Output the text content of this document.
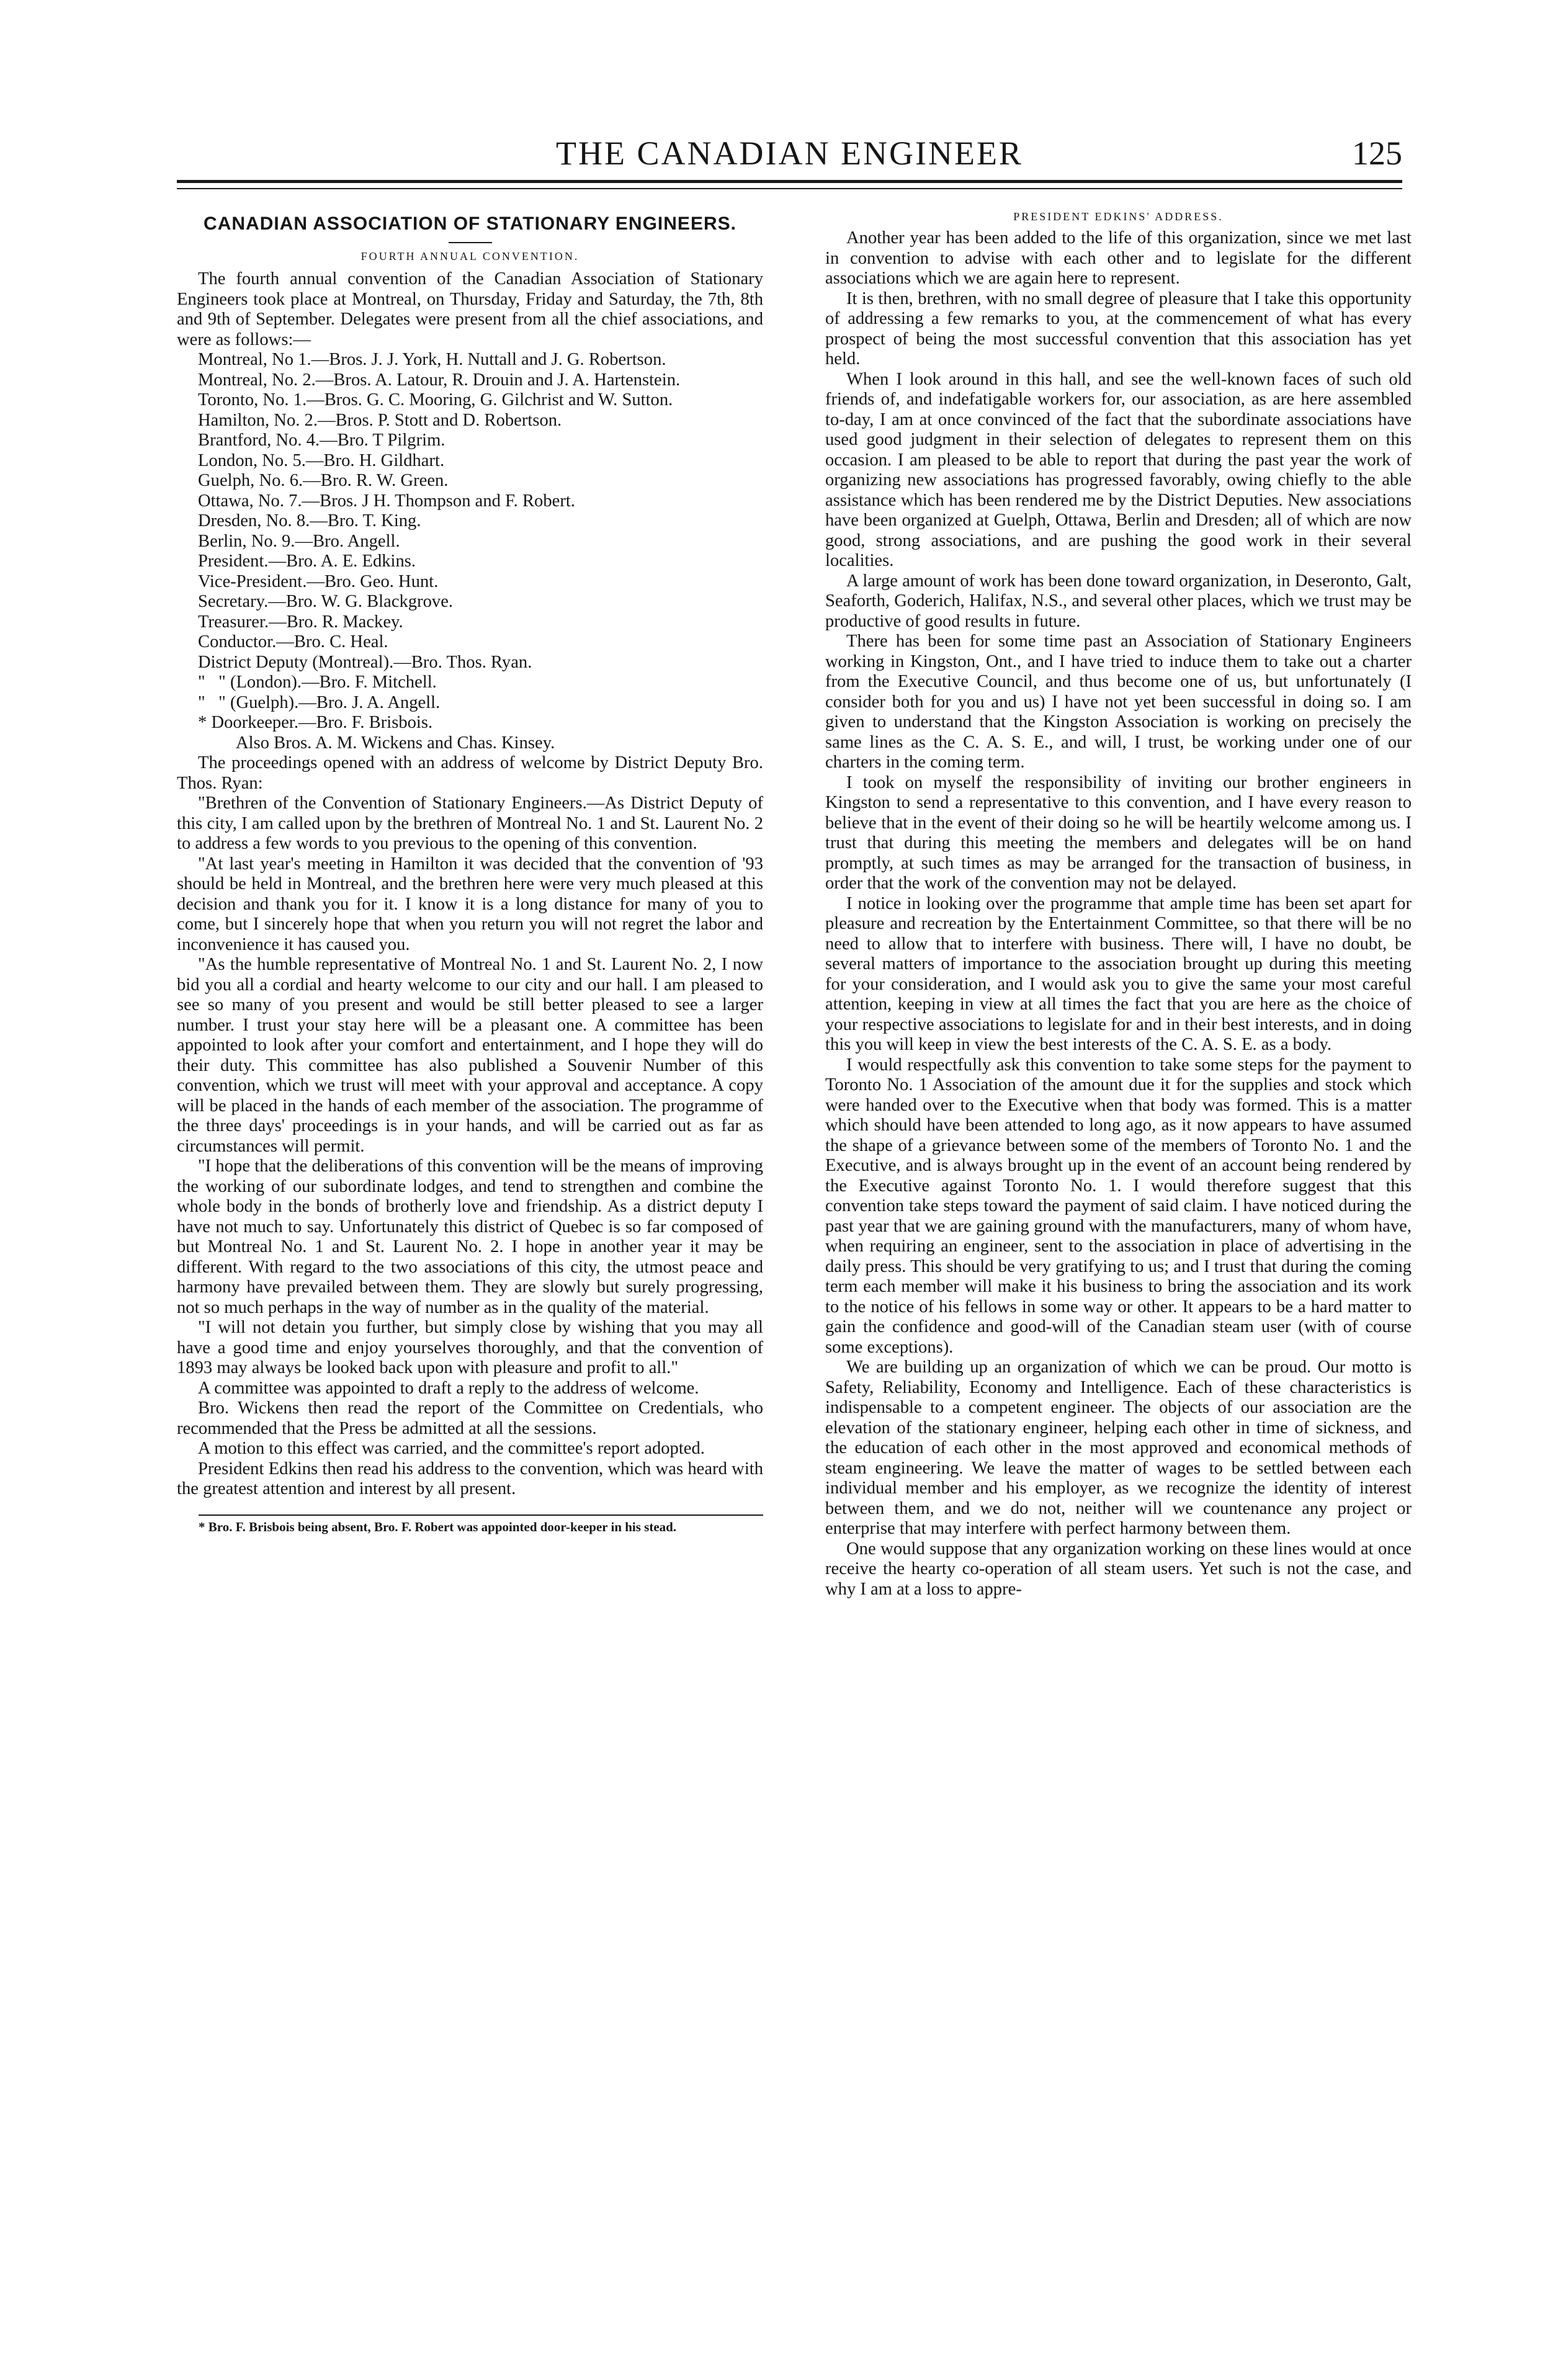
THE CANADIAN ENGINEER	125
CANADIAN ASSOCIATION OF STATIONARY ENGINEERS.
FOURTH ANNUAL CONVENTION.

The fourth annual convention of the Canadian Association of Stationary Engineers took place at Montreal, on Thursday, Friday and Saturday, the 7th, 8th and 9th of September. Delegates were present from all the chief associations, and were as follows:—

Montreal, No 1.—Bros. J. J. York, H. Nuttall and J. G. Robertson.

Montreal, No. 2.—Bros. A. Latour, R. Drouin and J. A. Hartenstein.

Toronto, No. 1.—Bros. G. C. Mooring, G. Gilchrist and W. Sutton.

Hamilton, No. 2.—Bros. P. Stott and D. Robertson.

Brantford, No. 4.—Bro. T Pilgrim.

London, No. 5.—Bro. H. Gildhart.

Guelph, No. 6.—Bro. R. W. Green.

Ottawa, No. 7.—Bros. J H. Thompson and F. Robert.

Dresden, No. 8.—Bro. T. King.

Berlin, No. 9.—Bro. Angell.

President.—Bro. A. E. Edkins.

Vice-President.—Bro. Geo. Hunt.

Secretary.—Bro. W. G. Blackgrove.

Treasurer.—Bro. R. Mackey.

Conductor.—Bro. C. Heal.

District Deputy (Montreal).—Bro. Thos. Ryan.

"   " (London).—Bro. F. Mitchell.

"   " (Guelph).—Bro. J. A. Angell.

* Doorkeeper.—Bro. F. Brisbois.

Also Bros. A. M. Wickens and Chas. Kinsey.

The proceedings opened with an address of welcome by District Deputy Bro. Thos. Ryan:

"Brethren of the Convention of Stationary Engineers.—As District Deputy of this city, I am called upon by the brethren of Montreal No. 1 and St. Laurent No. 2 to address a few words to you previous to the opening of this convention.

"At last year's meeting in Hamilton it was decided that the convention of '93 should be held in Montreal, and the brethren here were very much pleased at this decision and thank you for it. I know it is a long distance for many of you to come, but I sincerely hope that when you return you will not regret the labor and inconvenience it has caused you.

"As the humble representative of Montreal No. 1 and St. Laurent No. 2, I now bid you all a cordial and hearty welcome to our city and our hall. I am pleased to see so many of you present and would be still better pleased to see a larger number. I trust your stay here will be a pleasant one. A committee has been appointed to look after your comfort and entertainment, and I hope they will do their duty. This committee has also published a Souvenir Number of this convention, which we trust will meet with your approval and acceptance. A copy will be placed in the hands of each member of the association. The programme of the three days' proceedings is in your hands, and will be carried out as far as circumstances will permit.

"I hope that the deliberations of this convention will be the means of improving the working of our subordinate lodges, and tend to strengthen and combine the whole body in the bonds of brotherly love and friendship. As a district deputy I have not much to say. Unfortunately this district of Quebec is so far composed of but Montreal No. 1 and St. Laurent No. 2. I hope in another year it may be different. With regard to the two associations of this city, the utmost peace and harmony have prevailed between them. They are slowly but surely progressing, not so much perhaps in the way of number as in the quality of the material.

"I will not detain you further, but simply close by wishing that you may all have a good time and enjoy yourselves thoroughly, and that the convention of 1893 may always be looked back upon with pleasure and profit to all."

A committee was appointed to draft a reply to the address of welcome.

Bro. Wickens then read the report of the Committee on Credentials, who recommended that the Press be admitted at all the sessions.

A motion to this effect was carried, and the committee's report adopted.

President Edkins then read his address to the convention, which was heard with the greatest attention and interest by all present.

* Bro. F. Brisbois being absent, Bro. F. Robert was appointed door-keeper in his stead.
PRESIDENT EDKINS' ADDRESS.

Another year has been added to the life of this organization, since we met last in convention to advise with each other and to legislate for the different associations which we are again here to represent.

It is then, brethren, with no small degree of pleasure that I take this opportunity of addressing a few remarks to you, at the commencement of what has every prospect of being the most successful convention that this association has yet held.

When I look around in this hall, and see the well-known faces of such old friends of, and indefatigable workers for, our association, as are here assembled to-day, I am at once convinced of the fact that the subordinate associations have used good judgment in their selection of delegates to represent them on this occasion. I am pleased to be able to report that during the past year the work of organizing new associations has progressed favorably, owing chiefly to the able assistance which has been rendered me by the District Deputies. New associations have been organized at Guelph, Ottawa, Berlin and Dresden; all of which are now good, strong associations, and are pushing the good work in their several localities.

A large amount of work has been done toward organization, in Deseronto, Galt, Seaforth, Goderich, Halifax, N.S., and several other places, which we trust may be productive of good results in future.

There has been for some time past an Association of Stationary Engineers working in Kingston, Ont., and I have tried to induce them to take out a charter from the Executive Council, and thus become one of us, but unfortunately (I consider both for you and us) I have not yet been successful in doing so. I am given to understand that the Kingston Association is working on precisely the same lines as the C. A. S. E., and will, I trust, be working under one of our charters in the coming term.

I took on myself the responsibility of inviting our brother engineers in Kingston to send a representative to this convention, and I have every reason to believe that in the event of their doing so he will be heartily welcome among us. I trust that during this meeting the members and delegates will be on hand promptly, at such times as may be arranged for the transaction of business, in order that the work of the convention may not be delayed.

I notice in looking over the programme that ample time has been set apart for pleasure and recreation by the Entertainment Committee, so that there will be no need to allow that to interfere with business. There will, I have no doubt, be several matters of importance to the association brought up during this meeting for your consideration, and I would ask you to give the same your most careful attention, keeping in view at all times the fact that you are here as the choice of your respective associations to legislate for and in their best interests, and in doing this you will keep in view the best interests of the C. A. S. E. as a body.

I would respectfully ask this convention to take some steps for the payment to Toronto No. 1 Association of the amount due it for the supplies and stock which were handed over to the Executive when that body was formed. This is a matter which should have been attended to long ago, as it now appears to have assumed the shape of a grievance between some of the members of Toronto No. 1 and the Executive, and is always brought up in the event of an account being rendered by the Executive against Toronto No. 1. I would therefore suggest that this convention take steps toward the payment of said claim. I have noticed during the past year that we are gaining ground with the manufacturers, many of whom have, when requiring an engineer, sent to the association in place of advertising in the daily press. This should be very gratifying to us; and I trust that during the coming term each member will make it his business to bring the association and its work to the notice of his fellows in some way or other. It appears to be a hard matter to gain the confidence and good-will of the Canadian steam user (with of course some exceptions).

We are building up an organization of which we can be proud. Our motto is Safety, Reliability, Economy and Intelligence. Each of these characteristics is indispensable to a competent engineer. The objects of our association are the elevation of the stationary engineer, helping each other in time of sickness, and the education of each other in the most approved and economical methods of steam engineering. We leave the matter of wages to be settled between each individual member and his employer, as we recognize the identity of interest between them, and we do not, neither will we countenance any project or enterprise that may interfere with perfect harmony between them.

One would suppose that any organization working on these lines would at once receive the hearty co-operation of all steam users. Yet such is not the case, and why I am at a loss to appre-
